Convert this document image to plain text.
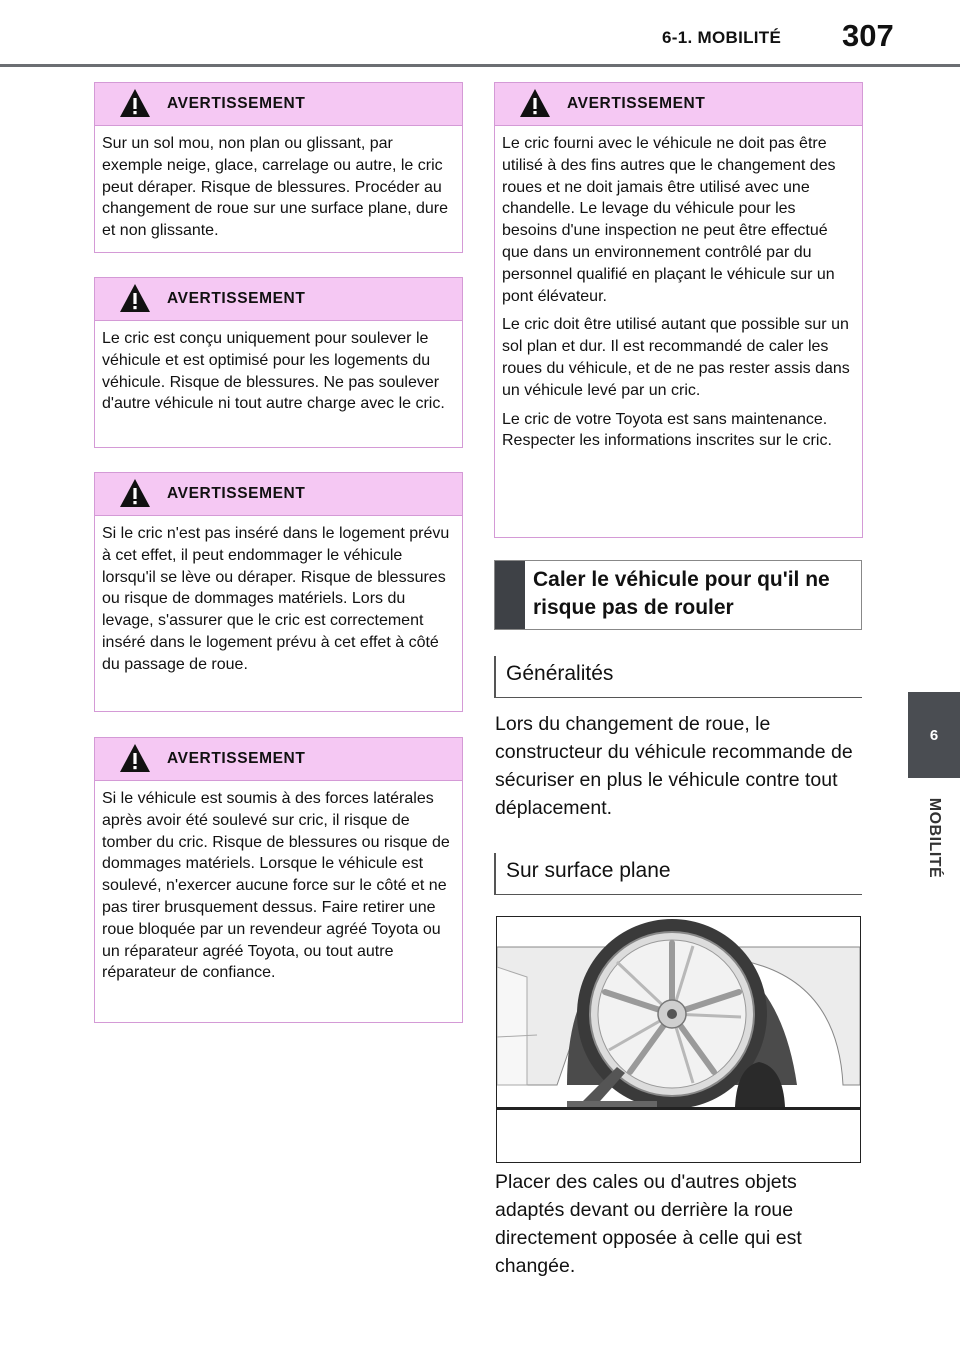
6-1. MOBILITÉ 307
6
MOBILITÉ
AVERTISSEMENT

Sur un sol mou, non plan ou glissant, par exemple neige, glace, carrelage ou autre, le cric peut déraper. Risque de blessures. Procéder au changement de roue sur une surface plane, dure et non glissante.

AVERTISSEMENT

Le cric est conçu uniquement pour soulever le véhicule et est optimisé pour les logements du véhicule. Risque de blessures. Ne pas soulever d'autre véhicule ni tout autre charge avec le cric.

AVERTISSEMENT

Si le cric n'est pas inséré dans le logement prévu à cet effet, il peut endommager le véhicule lorsqu'il se lève ou déraper. Risque de blessures ou risque de dommages matériels. Lors du levage, s'assurer que le cric est correctement inséré dans le logement prévu à cet effet à côté du passage de roue.

AVERTISSEMENT

Si le véhicule est soumis à des forces latérales après avoir été soulevé sur cric, il risque de tomber du cric. Risque de blessures ou risque de dommages matériels. Lorsque le véhicule est soulevé, n'exercer aucune force sur le côté et ne pas tirer brusquement dessus. Faire retirer une roue bloquée par un revendeur agréé Toyota ou un réparateur agréé Toyota, ou tout autre réparateur de confiance.

AVERTISSEMENT

Le cric fourni avec le véhicule ne doit pas être utilisé à des fins autres que le changement des roues et ne doit jamais être utilisé avec une chandelle. Le levage du véhicule pour les besoins d'une inspection ne peut être effectué que dans un environnement contrôlé par du personnel qualifié en plaçant le véhicule sur un pont élévateur.

Le cric doit être utilisé autant que possible sur un sol plan et dur. Il est recommandé de caler les roues du véhicule, et de ne pas rester assis dans un véhicule levé par un cric.

Le cric de votre Toyota est sans maintenance. Respecter les informations inscrites sur le cric.

Caler le véhicule pour qu'il ne risque pas de rouler
Généralités
Lors du changement de roue, le constructeur du véhicule recommande de sécuriser en plus le véhicule contre tout déplacement.
Sur surface plane
Placer des cales ou d'autres objets adaptés devant ou derrière la roue directement opposée à celle qui est changée.
